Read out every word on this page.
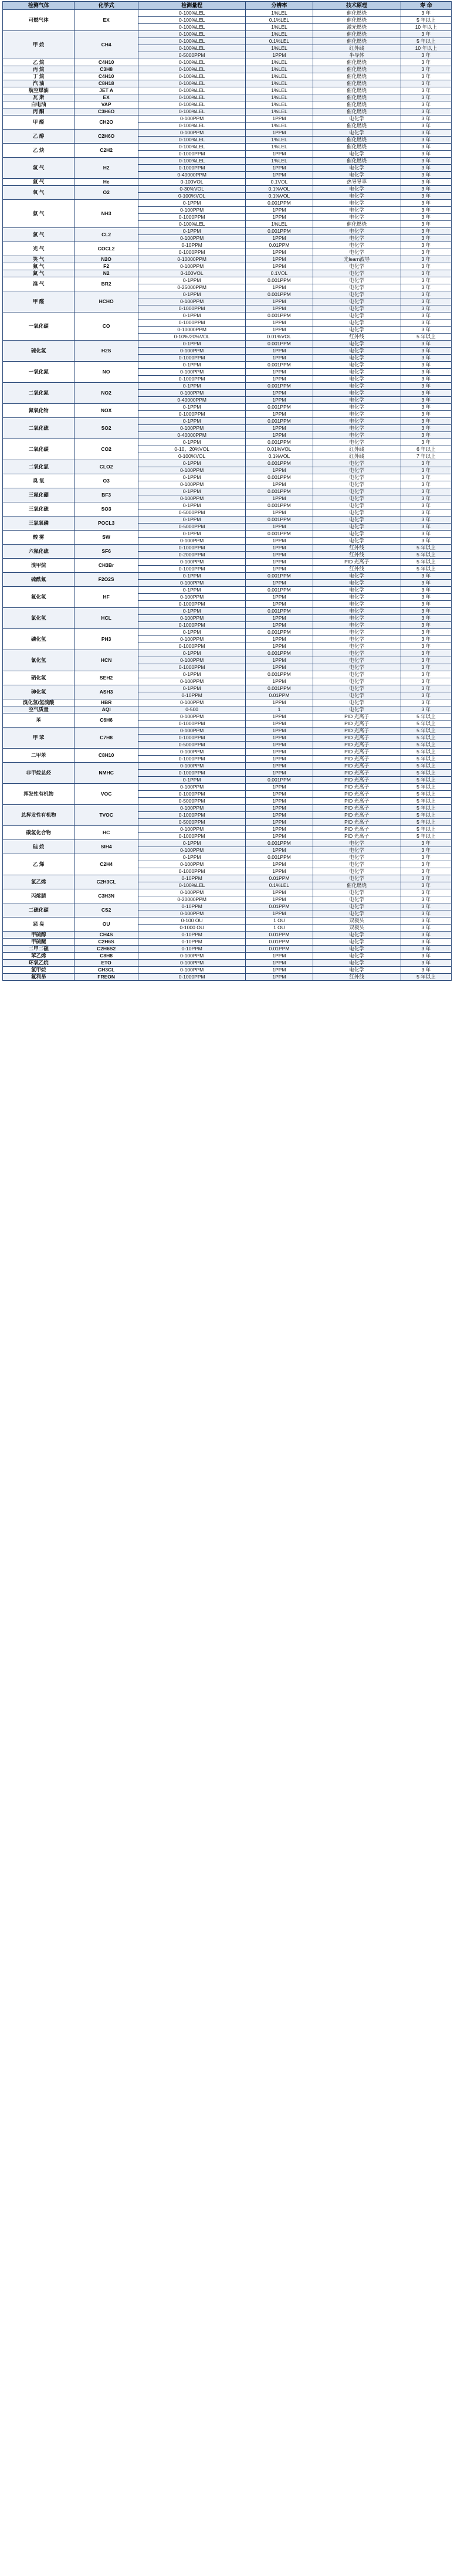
检测气体	化学式	检测量程	分辨率	技术原理	寿 命
可燃气体	EX	0-100%LEL	1%LEL	催化燃烧	3 年
		0-100%LEL	0.1%LEL	催化燃烧	5 年以上
		0-100%LEL	1%LEL	激光燃烧	10 年以上
甲 烷	CH4	0-100%LEL	1%LEL	催化燃烧	3 年
		0-100%LEL	0.1%LEL	催化燃烧	5 年以上
		0-100%LEL	1%LEL	红外线	10 年以上
		0-5000PPM	1PPM	半导体	3 年
乙 烷	C4H10	0-100%LEL	1%LEL	催化燃烧	3 年
丙 烷	C3H8	0-100%LEL	1%LEL	催化燃烧	3 年
丁 烷	C4H10	0-100%LEL	1%LEL	催化燃烧	3 年
汽 油	C8H18	0-100%LEL	1%LEL	催化燃烧	3 年
航空煤油	JET A	0-100%LEL	1%LEL	催化燃烧	3 年
瓦 斯	EX	0-100%LEL	1%LEL	催化燃烧	3 年
白电油	VAP	0-100%LEL	1%LEL	催化燃烧	3 年
丙 酮	C3H6O	0-100%LEL	1%LEL	催化燃烧	3 年
甲 醛	CH2O	0-100PPM	1PPM	电化学	3 年
		0-100%LEL	1%LEL	催化燃烧	3 年
乙 醇	C2H6O	0-100PPM	1PPM	电化学	3 年
		0-100%LEL	1%LEL	催化燃烧	3 年
乙 炔	C2H2	0-100%LEL	1%LEL	催化燃烧	3 年
		0-1000PPM	1PPM	电化学	3 年
氢 气	H2	0-100%LEL	1%LEL	催化燃烧	3 年
		0-1000PPM	1PPM	电化学	3 年
		0-40000PPM	1PPM	电化学	3 年
氦 气	He	0-100VOL	0.1VOL	热导导率	3 年
氧 气	O2	0-30%VOL	0.1%VOL	电化学	3 年
		0-100%VOL	0.1%VOL	电化学	3 年
氨 气	NH3	0-1PPM	0.001PPM	电化学	3 年
		0-100PPM	1PPM	电化学	3 年
		0-1000PPM	1PPM	电化学	3 年
		0-100%LEL	1%LEL	催化燃烧	3 年
氯 气	CL2	0-1PPM	0.001PPM	电化学	3 年
		0-100PPM	1PPM	电化学	3 年
光 气	COCL2	0-10PPM	0.01PPM	电化学	3 年
		0-1000PPM	1PPM	电化学	3 年
笑 气	N2O	0-10000PPM	1PPM	光learn波导	3 年
氟 气	F2	0-100PPM	1PPM	电化学	3 年
氮 气	N2	0-100VOL	0.1VOL	电化学	3 年
溴 气	BR2	0-1PPM	0.001PPM	电化学	3 年
		0-25000PPM	1PPM	电化学	3 年
甲 醛	HCHO	0-1PPM	0.001PPM	电化学	3 年
		0-100PPM	1PPM	电化学	3 年
		0-1000PPM	1PPM	电化学	3 年
一氧化碳	CO	0-1PPM	0.001PPM	电化学	3 年
		0-1000PPM	1PPM	电化学	3 年
		0-10000PPM	1PPM	电化学	3 年
		0-10%/20%VOL	0.01%VOL	红外线	5 年以上
硫化氢	H2S	0-1PPM	0.001PPM	电化学	3 年
		0-100PPM	1PPM	电化学	3 年
		0-1000PPM	1PPM	电化学	3 年
一氧化氮	NO	0-1PPM	0.001PPM	电化学	3 年
		0-100PPM	1PPM	电化学	3 年
		0-1000PPM	1PPM	电化学	3 年
二氧化氮	NO2	0-1PPM	0.001PPM	电化学	3 年
		0-100PPM	1PPM	电化学	3 年
		0-40000PPM	1PPM	电化学	3 年
氮氧化物	NOX	0-1PPM	0.001PPM	电化学	3 年
		0-1000PPM	1PPM	电化学	3 年
二氧化硫	SO2	0-1PPM	0.001PPM	电化学	3 年
		0-100PPM	1PPM	电化学	3 年
		0-40000PPM	1PPM	电化学	3 年
二氧化碳	CO2	0-1PPM	0.001PPM	电化学	3 年
		0-10、20%VOL	0.01%VOL	红外线	6 年以上
		0-100%VOL	0.1%VOL	红外线	7 年以上
二氧化氯	CLO2	0-1PPM	0.001PPM	电化学	3 年
		0-100PPM	1PPM	电化学	3 年
臭 氧	O3	0-1PPM	0.001PPM	电化学	3 年
		0-100PPM	1PPM	电化学	3 年
三氟化硼	BF3	0-1PPM	0.001PPM	电化学	3 年
		0-100PPM	1PPM	电化学	3 年
三氧化硫	SO3	0-1PPM	0.001PPM	电化学	3 年
		0-5000PPM	1PPM	电化学	3 年
三氯氧磷	POCL3	0-1PPM	0.001PPM	电化学	3 年
		0-5000PPM	1PPM	电化学	3 年
酸 雾	SW	0-1PPM	0.001PPM	电化学	3 年
		0-100PPM	1PPM	电化学	3 年
六氟化硫	SF6	0-1000PPM	1PPM	红外线	5 年以上
		0-2000PPM	1PPM	红外线	5 年以上
溴甲烷	CH3Br	0-100PPM	1PPM	PID 光离子	5 年以上
		0-1000PPM	1PPM	红外线	5 年以上
硫酰氟	F2O2S	0-1PPM	0.001PPM	电化学	3 年
		0-100PPM	1PPM	电化学	3 年
氟化氢	HF	0-1PPM	0.001PPM	电化学	3 年
		0-100PPM	1PPM	电化学	3 年
		0-1000PPM	1PPM	电化学	3 年
氯化氢	HCL	0-1PPM	0.001PPM	电化学	3 年
		0-100PPM	1PPM	电化学	3 年
		0-1000PPM	1PPM	电化学	3 年
磷化氢	PH3	0-1PPM	0.001PPM	电化学	3 年
		0-100PPM	1PPM	电化学	3 年
		0-1000PPM	1PPM	电化学	3 年
氰化氢	HCN	0-1PPM	0.001PPM	电化学	3 年
		0-100PPM	1PPM	电化学	3 年
		0-1000PPM	1PPM	电化学	3 年
硒化氢	SEH2	0-1PPM	0.001PPM	电化学	3 年
		0-100PPM	1PPM	电化学	3 年
砷化氢	ASH3	0-1PPM	0.001PPM	电化学	3 年
		0-10PPM	0.01PPM	电化学	3 年
溴化氢/氢溴酸	HBR	0-100PPM	1PPM	电化学	3 年
空气质量	AQI	0-500	1	电化学	3 年
苯	C6H6	0-100PPM	1PPM	PID 光离子	5 年以上
		0-1000PPM	1PPM	PID 光离子	5 年以上
甲 苯	C7H8	0-100PPM	1PPM	PID 光离子	5 年以上
		0-1000PPM	1PPM	PID 光离子	5 年以上
		0-5000PPM	1PPM	PID 光离子	5 年以上
二甲苯	C8H10	0-100PPM	1PPM	PID 光离子	5 年以上
		0-1000PPM	1PPM	PID 光离子	5 年以上
非甲烷总烃	NMHC	0-100PPM	1PPM	PID 光离子	5 年以上
		0-1000PPM	1PPM	PID 光离子	5 年以上
		0-1PPM	0.001PPM	PID 光离子	5 年以上
挥发性有机物	VOC	0-100PPM	1PPM	PID 光离子	5 年以上
		0-1000PPM	1PPM	PID 光离子	5 年以上
		0-5000PPM	1PPM	PID 光离子	5 年以上
总挥发性有机物	TVOC	0-100PPM	1PPM	PID 光离子	5 年以上
		0-1000PPM	1PPM	PID 光离子	5 年以上
		0-5000PPM	1PPM	PID 光离子	5 年以上
碳氢化合物	HC	0-100PPM	1PPM	PID 光离子	5 年以上
		0-1000PPM	1PPM	PID 光离子	5 年以上
硅 烷	SIH4	0-1PPM	0.001PPM	电化学	3 年
		0-100PPM	1PPM	电化学	3 年
乙 烯	C2H4	0-1PPM	0.001PPM	电化学	3 年
		0-100PPM	1PPM	电化学	3 年
		0-1000PPM	1PPM	电化学	3 年
氯乙烯	C2H3CL	0-10PPM	0.01PPM	电化学	3 年
		0-100%LEL	0.1%LEL	催化燃烧	3 年
丙烯腈	C3H3N	0-100PPM	1PPM	电化学	3 年
		0-20000PPM	1PPM	电化学	3 年
二硫化碳	CS2	0-10PPM	0.01PPM	电化学	3 年
		0-100PPM	1PPM	电化学	3 年
恶 臭	OU	0-100 OU	1 OU	双极头	3 年
		0-1000 OU	1 OU	双极头	3 年
甲硫醇	CH4S	0-10PPM	0.01PPM	电化学	3 年
甲硫醚	C2H6S	0-10PPM	0.01PPM	电化学	3 年
二甲二硫	C2H6S2	0-10PPM	0.01PPM	电化学	3 年
苯乙烯	C8H8	0-100PPM	1PPM	电化学	3 年
环氧乙烷	ETO	0-100PPM	1PPM	电化学	3 年
氯甲烷	CH3CL	0-100PPM	1PPM	电化学	3 年
氟利昂	FREON	0-1000PPM	1PPM	红外线	5 年以上
